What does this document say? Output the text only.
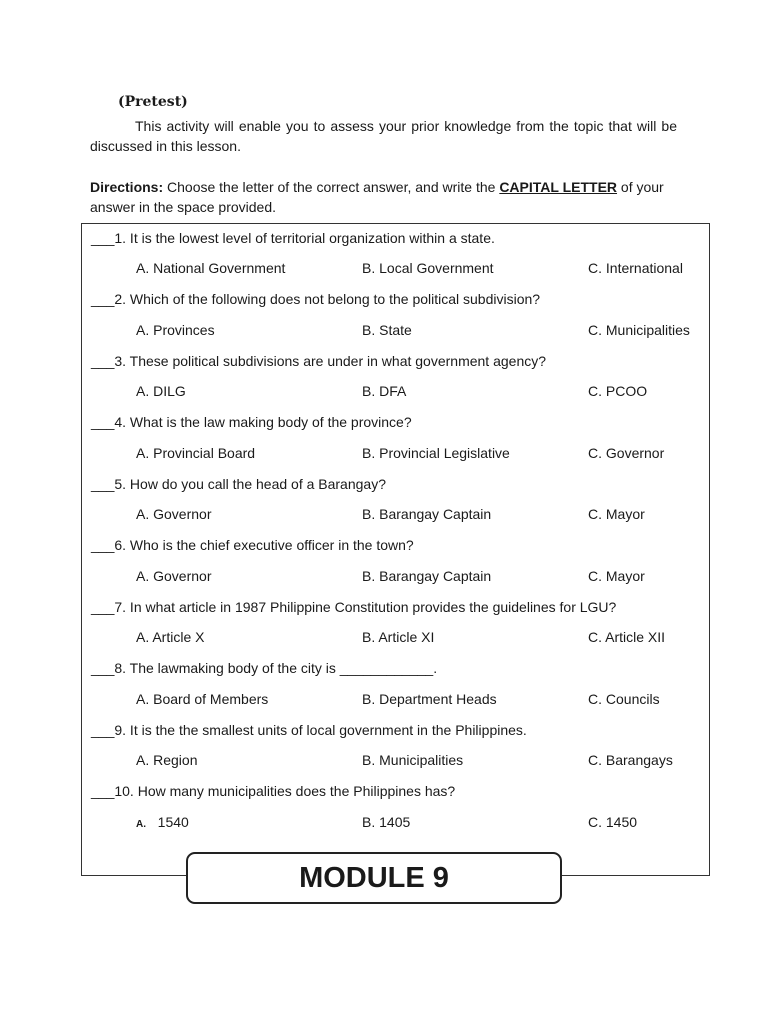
(Pretest)
This activity will enable you to assess your prior knowledge from the topic that will be discussed in this lesson.
Directions: Choose the letter of the correct answer, and write the CAPITAL LETTER of your answer in the space provided.
___1. It is the lowest level of territorial organization within a state.
A. National Government	B. Local Government	C. International
___2. Which of the following does not belong to the political subdivision?
A. Provinces	B. State	C. Municipalities
___3. These political subdivisions are under in what government agency?
A. DILG	B. DFA	C. PCOO
___4. What is the law making body of the province?
A. Provincial Board	B. Provincial Legislative	C. Governor
___5. How do you call the head of a Barangay?
A. Governor	B. Barangay Captain	C. Mayor
___6. Who is the chief executive officer in the town?
A. Governor	B. Barangay Captain	C. Mayor
___7. In what article in 1987 Philippine Constitution provides the guidelines for LGU?
A. Article X	B. Article XI	C. Article XII
___8. The lawmaking body of the city is ____________.
A. Board of Members	B. Department Heads	C. Councils
___9. It is the the smallest units of local government in the Philippines.
A. Region	B. Municipalities	C. Barangays
___10. How many municipalities does the Philippines has?
A. 1540	B. 1405	C. 1450
MODULE 9
